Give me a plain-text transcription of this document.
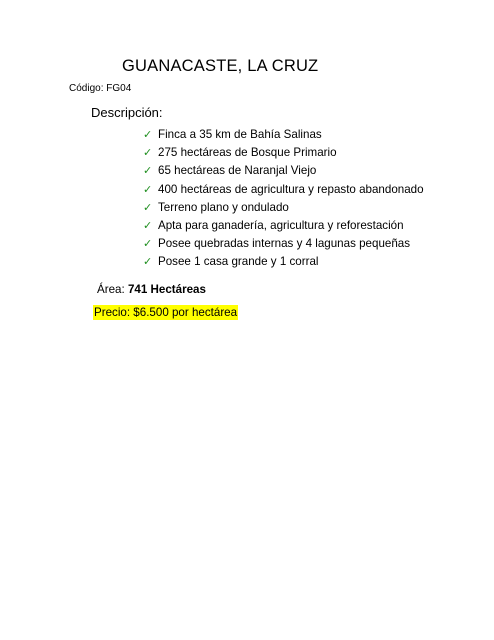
GUANACASTE, LA CRUZ
Código: FG04
Descripción:
✓ Finca a 35 km de Bahía Salinas
✓ 275 hectáreas de Bosque Primario
✓ 65 hectáreas de Naranjal Viejo
✓ 400 hectáreas de agricultura y repasto abandonado
✓ Terreno plano y ondulado
✓ Apta para ganadería, agricultura y reforestación
✓ Posee quebradas internas y 4 lagunas pequeñas
✓ Posee 1 casa grande y 1 corral
Área: 741 Hectáreas
Precio: $6.500 por hectárea
